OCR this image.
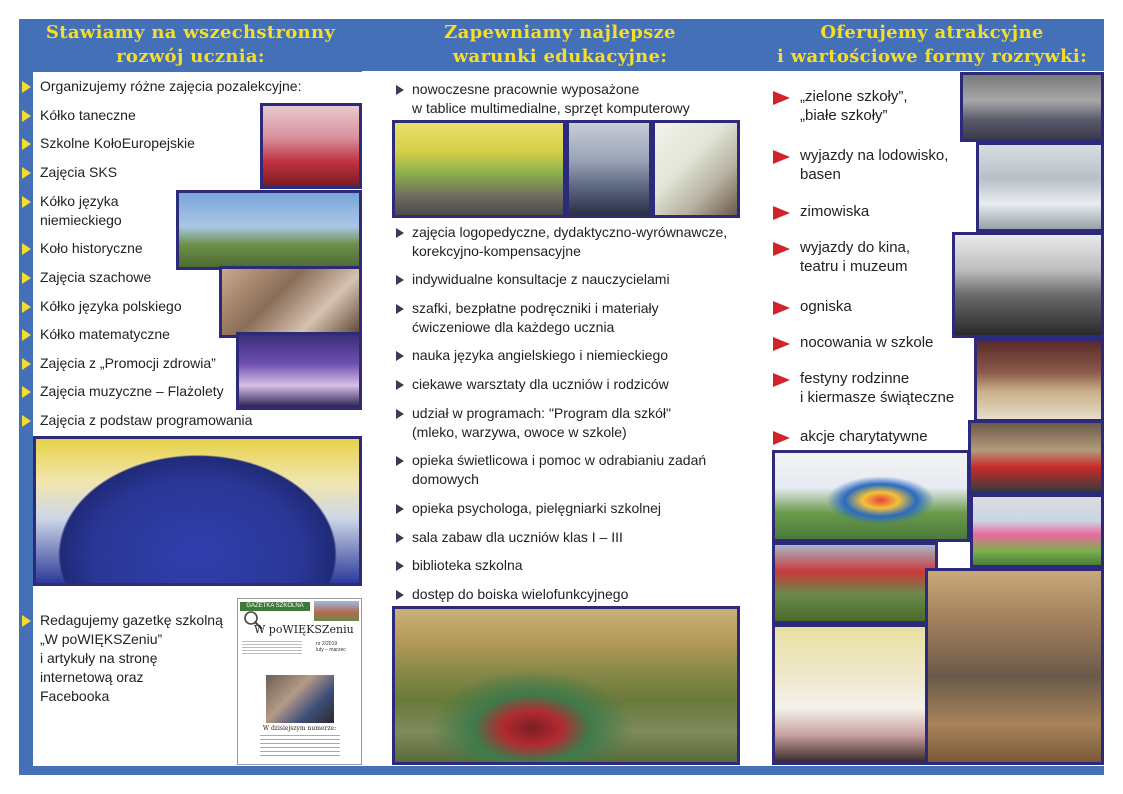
Stawiamy na wszechstronny
rozwój ucznia:
Zapewniamy najlepsze
warunki edukacyjne:
Oferujemy atrakcyjne
i wartościowe formy rozrywki:
Organizujemy różne zajęcia pozalekcyjne:
Kółko taneczne
Szkolne KołoEuropejskie
Zajęcia SKS
Kółko języka
niemieckiego
Koło historyczne
Zajęcia szachowe
Kółko języka polskiego
Kółko matematyczne
Zajęcia z „Promocji zdrowia”
Zajęcia muzyczne – Flażolety
Zajęcia z podstaw programowania
Redagujemy gazetkę szkolną
„W poWIĘKSZeniu”
i artykuły na stronę
internetową oraz
Facebooka
GAZETKA SZKOLNA
W poWIĘKSZeniu
nr 2/2019
luty – marzec
W dzisiejszym numerze:
nowoczesne pracownie wyposażone
w tablice multimedialne, sprzęt komputerowy
zajęcia logopedyczne, dydaktyczno-wyrównawcze,
korekcyjno-kompensacyjne
indywidualne konsultacje z nauczycielami
szafki, bezpłatne podręczniki i materiały
ćwiczeniowe dla każdego ucznia
nauka języka angielskiego i niemieckiego
ciekawe warsztaty dla uczniów i rodziców
udział w programach: "Program dla szkół"
(mleko, warzywa, owoce w szkole)
opieka świetlicowa i pomoc w odrabianiu zadań
domowych
opieka psychologa, pielęgniarki szkolnej
sala zabaw dla uczniów klas I – III
biblioteka szkolna
dostęp do boiska wielofunkcyjnego
„zielone szkoły”,
„białe szkoły”
wyjazdy na lodowisko,
basen
zimowiska
wyjazdy do kina,
teatru i muzeum
ogniska
nocowania w szkole
festyny rodzinne
i kiermasze świąteczne
akcje charytatywne
